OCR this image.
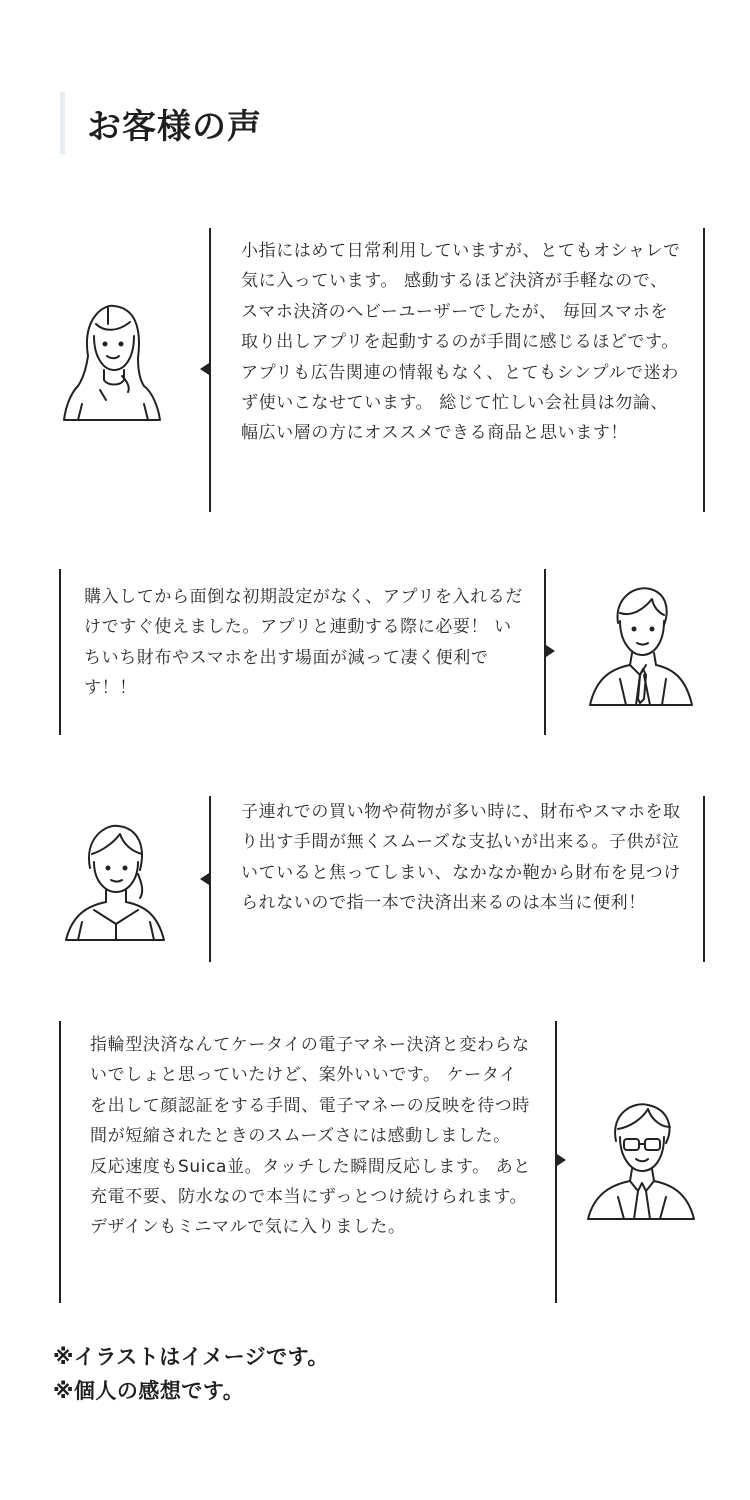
お客様の声

小指にはめて日常利用していますが、とてもオシャレで気に入っています。 感動するほど決済が手軽なので、スマホ決済のへビーユーザーでしたが、 毎回スマホを取り出しアプリを起動するのが手間に感じるほどです。 アプリも広告関連の情報もなく、とてもシンプルで迷わず使いこなせています。 総じて忙しい会社員は勿論、幅広い層の方にオススメできる商品と思います！

購入してから面倒な初期設定がなく、アプリを入れるだけですぐ使えました。アプリと連動する際に必要！ いちいち財布やスマホを出す場面が減って凄く便利です！！

子連れでの買い物や荷物が多い時に、財布やスマホを取り出す手間が無くスムーズな支払いが出来る。子供が泣いていると焦ってしまい、なかなか鞄から財布を見つけられないので指一本で決済出来るのは本当に便利！

指輪型決済なんてケータイの電子マネー決済と変わらないでしょと思っていたけど、案外いいです。 ケータイを出して顔認証をする手間、電子マネーの反映を待つ時間が短縮されたときのスムーズさには感動しました。 反応速度もSuica並。タッチした瞬間反応します。 あと充電不要、防水なので本当にずっとつけ続けられます。 デザインもミニマルで気に入りました。

※イラストはイメージです。
※個人の感想です。
